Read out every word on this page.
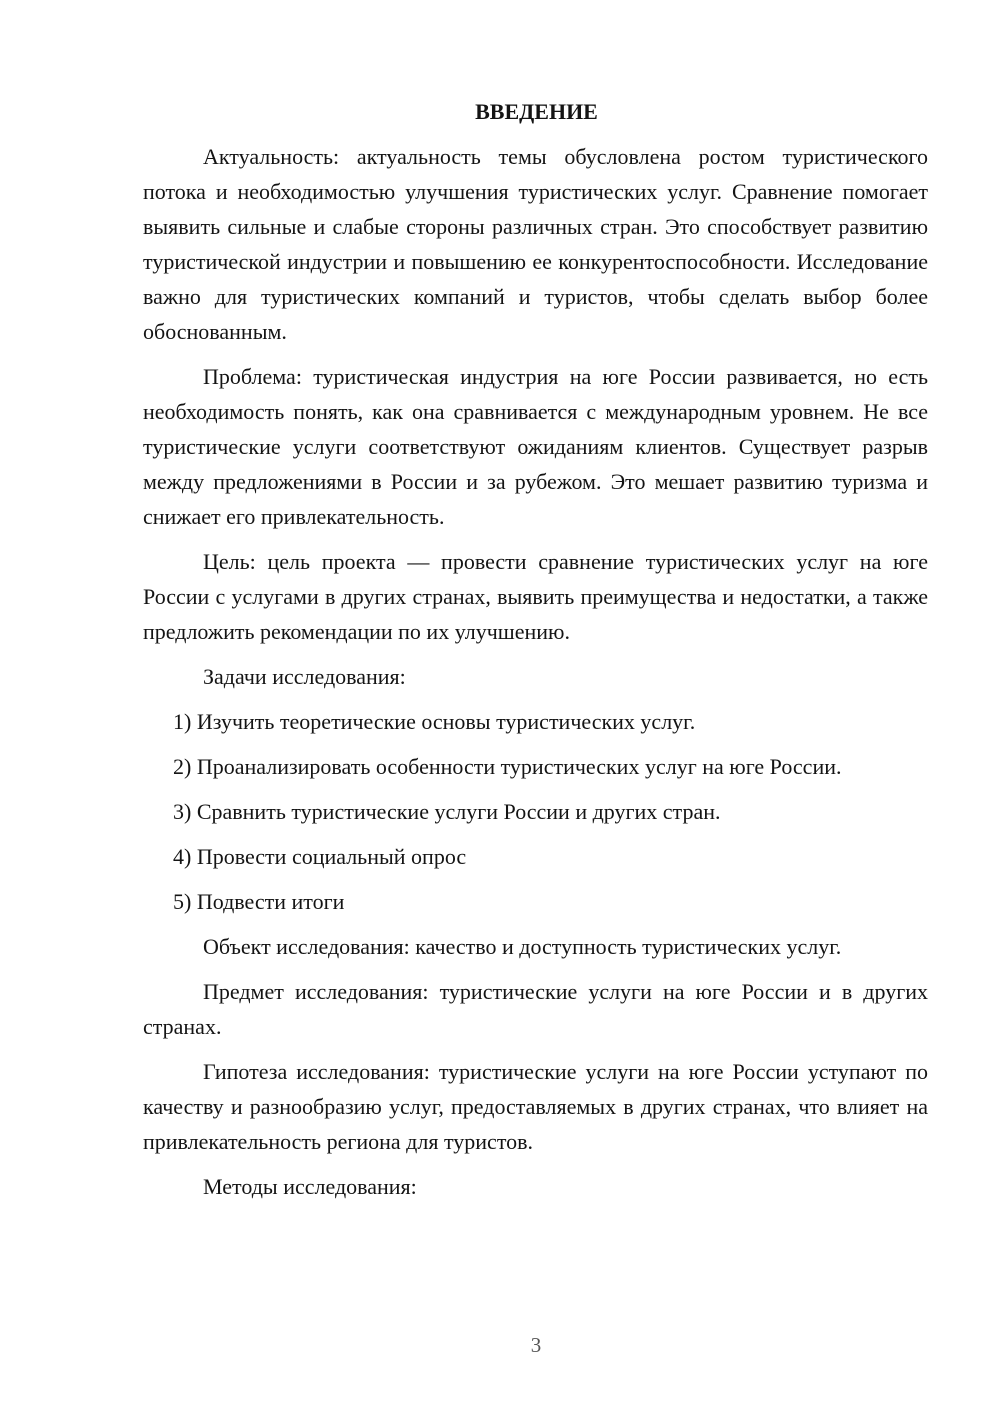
ВВЕДЕНИЕ

Актуальность: актуальность темы обусловлена ростом туристического потока и необходимостью улучшения туристических услуг. Сравнение помогает выявить сильные и слабые стороны различных стран. Это способствует развитию туристической индустрии и повышению ее конкурентоспособности. Исследование важно для туристических компаний и туристов, чтобы сделать выбор более обоснованным.

Проблема: туристическая индустрия на юге России развивается, но есть необходимость понять, как она сравнивается с международным уровнем. Не все туристические услуги соответствуют ожиданиям клиентов. Существует разрыв между предложениями в России и за рубежом. Это мешает развитию туризма и снижает его привлекательность.

Цель: цель проекта — провести сравнение туристических услуг на юге России с услугами в других странах, выявить преимущества и недостатки, а также предложить рекомендации по их улучшению.

Задачи исследования:

1) Изучить теоретические основы туристических услуг.
2) Проанализировать особенности туристических услуг на юге России.
3) Сравнить туристические услуги России и других стран.
4) Провести социальный опрос
5) Подвести итоги

Объект исследования: качество и доступность туристических услуг.

Предмет исследования: туристические услуги на юге России и в других странах.

Гипотеза исследования: туристические услуги на юге России уступают по качеству и разнообразию услуг, предоставляемых в других странах, что влияет на привлекательность региона для туристов.

Методы исследования:

3
